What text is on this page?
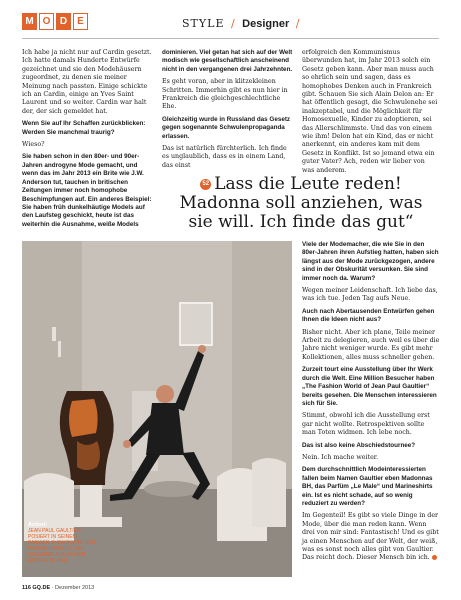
M O D	E	STYLE / Designer /

Ich habe ja nicht nur auf Cardin gesetzt. Ich hatte damals Hunderte Entwürfe gezeichnet und sie den Modehäusern zugeordnet, zu denen sie meiner Meinung nach passten. Einige schickte ich an Cardin, einige an Yves Saint Laurent und so weiter. Cardin war halt der, der sich gemeldet hat.

Wenn Sie auf Ihr Schaffen zurückblicken: Werden Sie manchmal traurig?

Wieso?

Sie haben schon in den 80er- und 90er-Jahren androgyne Mode gemacht, und wenn das im Jahr 2013 ein Brite wie J.W. Anderson tut, tauchen in britischen Zeitungen immer noch homophobe Beschimpfungen auf. Ein anderes Beispiel: Sie haben früh dunkelhäutige Models auf den Laufsteg geschickt, heute ist das weiterhin die Ausnahme, weiße Models

dominieren. Viel getan hat sich auf der Welt modisch wie gesellschaftlich anscheinend nicht in den vergangenen drei Jahrzehnten.

Es geht voran, aber in klitzekleinen Schritten. Immerhin gibt es nun hier in Frankreich die gleichgeschlechtliche Ehe.

Gleichzeitig wurde in Russland das Gesetz gegen sogenannte Schwulenpropaganda erlassen.

Das ist natürlich fürchterlich. Ich finde es unglaublich, dass es in einem Land, das einst

erfolgreich den Kommunismus überwunden hat, im Jahr 2013 solch ein Gesetz geben kann. Aber man muss auch so ehrlich sein und sagen, dass es homophobes Denken auch in Frankreich gibt. Schauen Sie sich Alain Delon an: Er hat öffentlich gesagt, die Schwulenehe sei inakzeptabel, und die Möglichkeit für Homosexuelle, Kinder zu adoptieren, sei das Allerschlimmste. Und das von einem wie ihm! Delon hat ein Kind, das er nicht anerkennt, ein anderes kam mit dem Gesetz in Konflikt. Ist so jemand etwa ein guter Vater? Ach, reden wir lieber von was anderem.

52 Lass die Leute reden!
Madonna soll anziehen, was
sie will. Ich finde das gut“
Action!
JEAN PAUL GAULTIER POSIERT IN SEINEM PARISER SHOWROOM. DER WEISSE DIVAN IST EIN SOUVENIR AUS SEINER ERSTEN SCHAU

Viele der Modemacher, die wie Sie in den 80er-Jahren ihren Aufstieg hatten, haben sich längst aus der Mode zurückgezogen, andere sind in der Obskurität versunken. Sie sind immer noch da. Warum?

Wegen meiner Leidenschaft. Ich liebe das, was ich tue. Jeden Tag aufs Neue.

Auch nach Abertausenden Entwürfen gehen Ihnen die Ideen nicht aus?

Bisher nicht. Aber ich plane, Teile meiner Arbeit zu delegieren, auch weil es über die Jahre nicht weniger wurde. Es gibt mehr Kollektionen, alles muss schneller gehen.

Zurzeit tourt eine Ausstellung über Ihr Werk durch die Welt. Eine Million Besucher haben „The Fashion World of Jean Paul Gaultier“ bereits gesehen. Die Menschen interessieren sich für Sie.

Stimmt, obwohl ich die Ausstellung erst gar nicht wollte. Retrospektiven sollte man Toten widmen. Ich lebe noch.

Das ist also keine Abschiedstournee?

Nein. Ich mache weiter.

Dem durchschnittlich Modeinteressierten fallen beim Namen Gaultier eben Madonnas BH, das Parfüm „Le Male“ und Marineshirts ein. Ist es nicht schade, auf so wenig reduziert zu werden?

Im Gegenteil! Es gibt so viele Dinge in der Mode, über die man reden kann. Wenn drei von mir sind: Fantastisch! Und es gibt ja einen Menschen auf der Welt, der weiß, was es sonst noch alles gibt von Gaultier. Das reicht doch. Dieser Mensch bin ich.

116 GQ.DE · Dezember 2013
